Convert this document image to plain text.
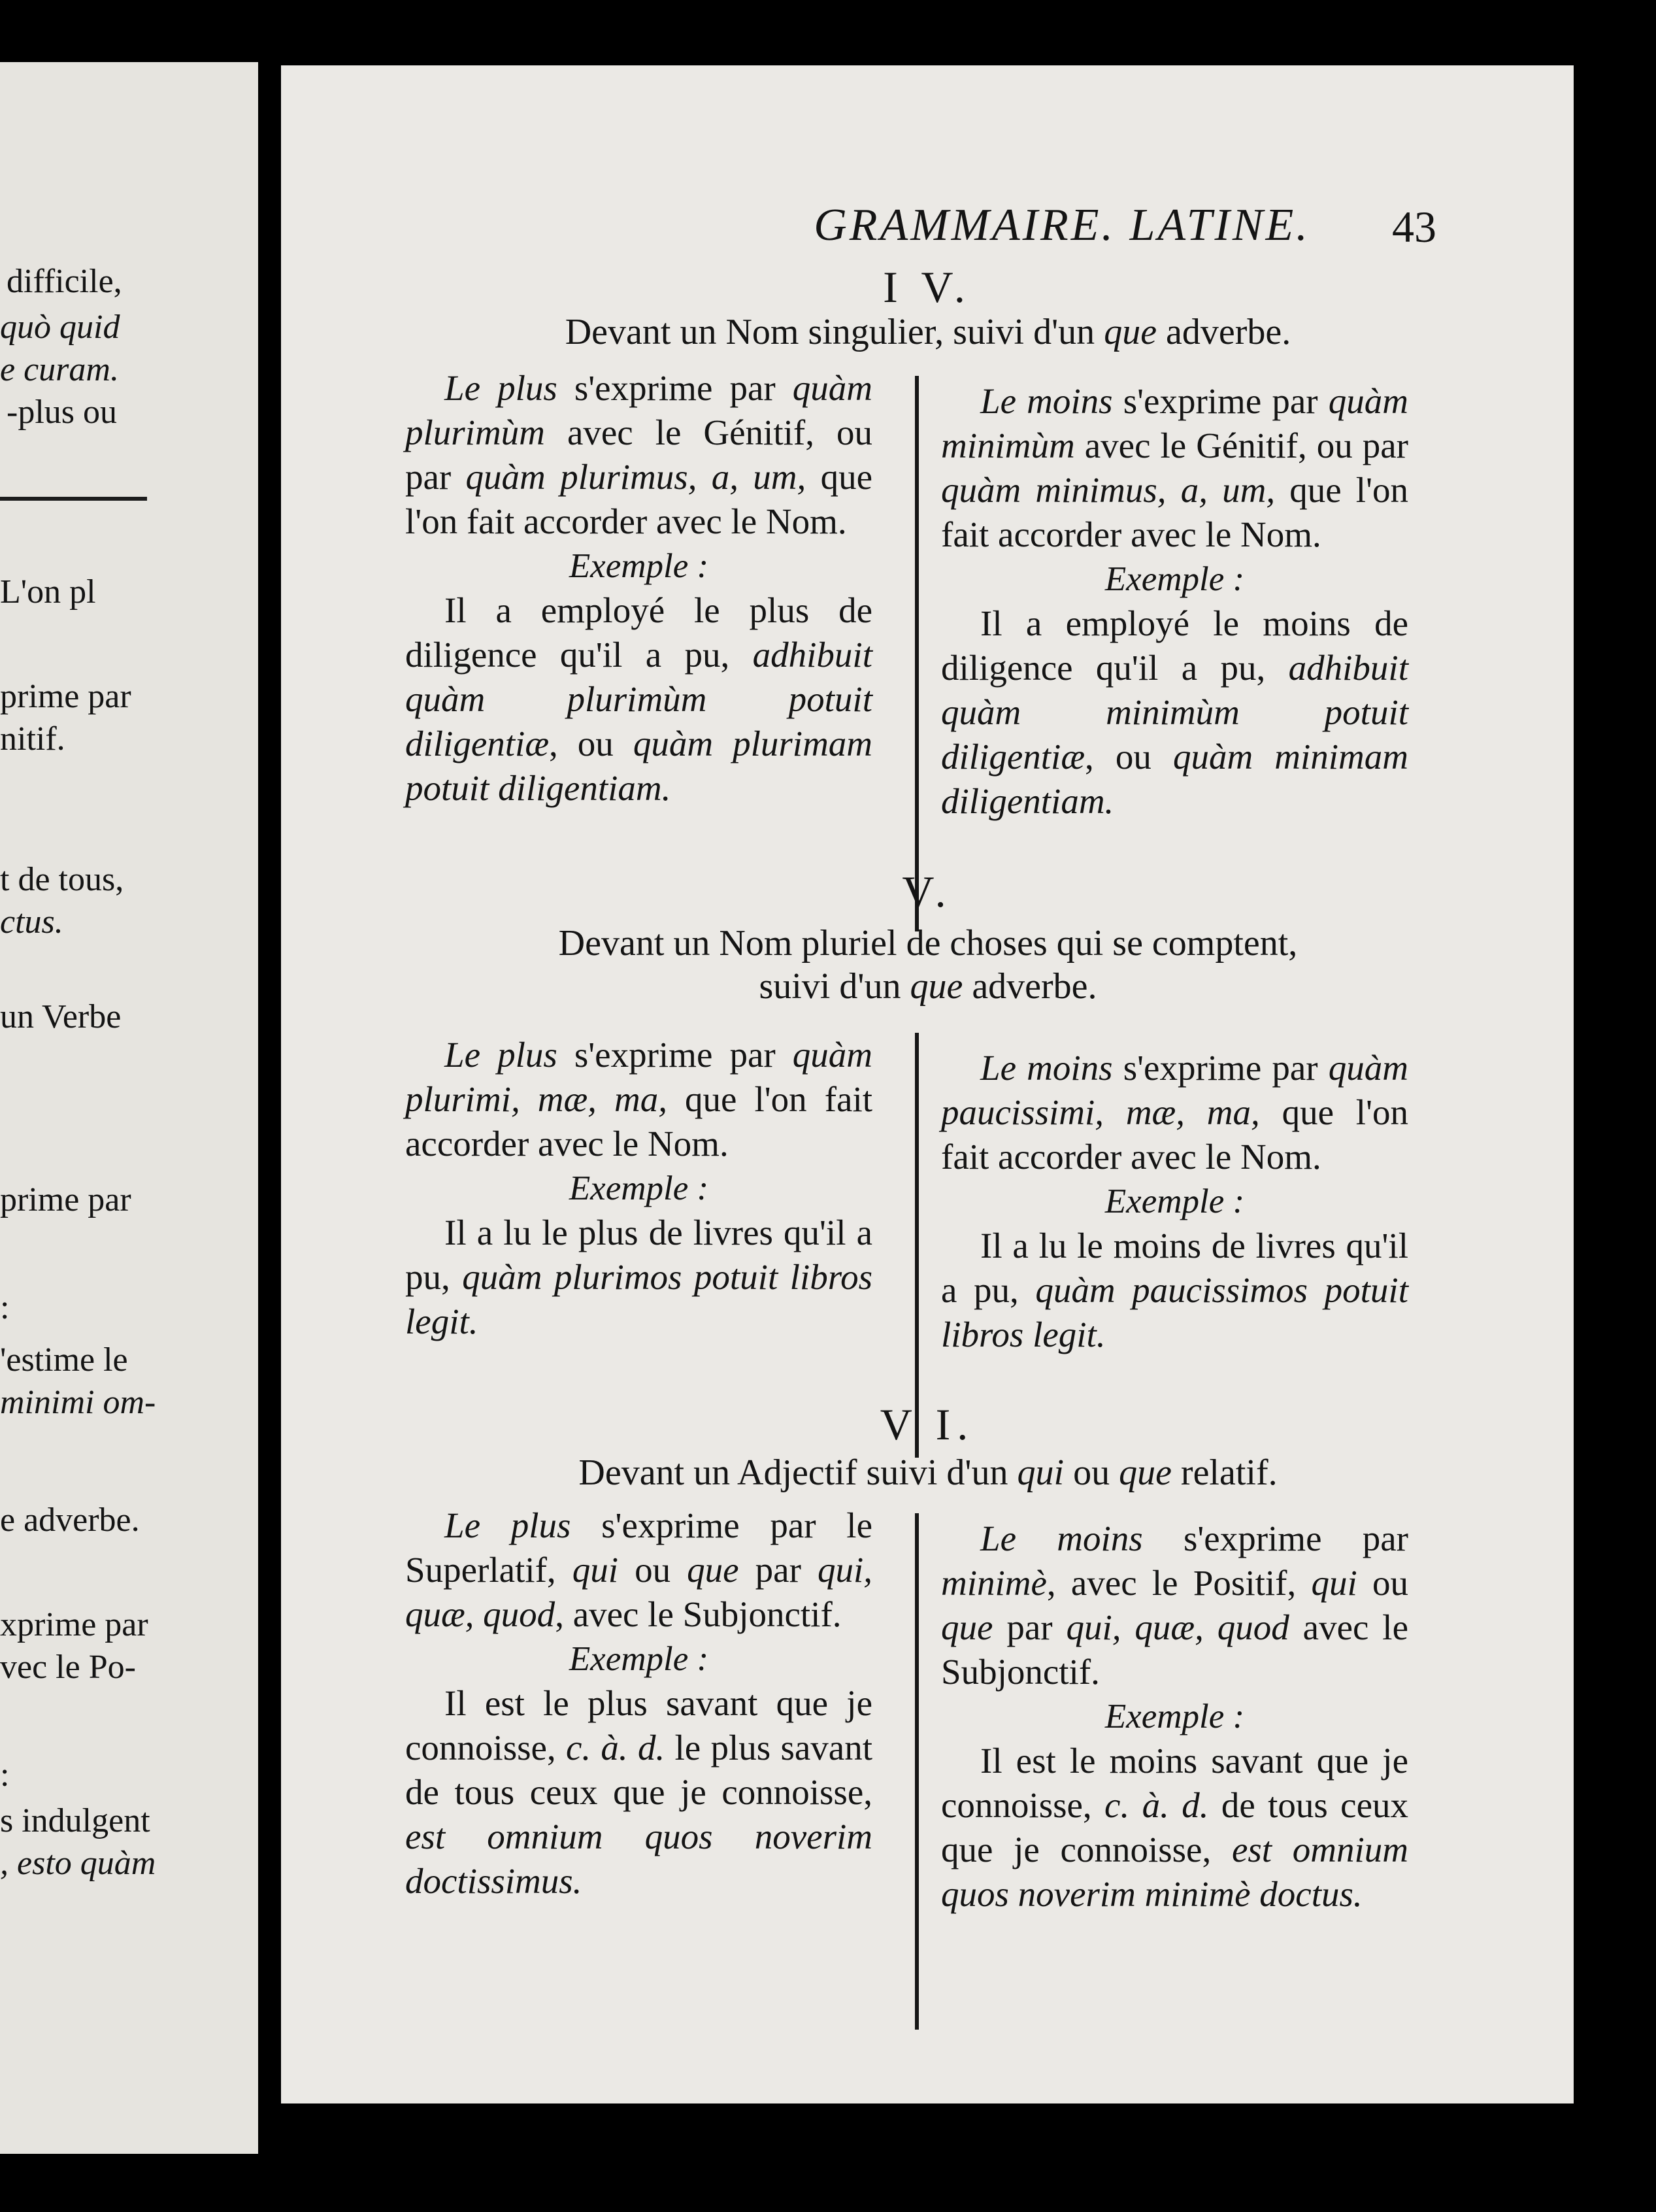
difficile,
quò quid
e curam.
-plus ou
L'on pl
prime par
nitif.
t de tous,
ctus.
un Verbe
prime par
:
'estime le
minimi om-
e adverbe.
xprime par
vec le Po-
:
s indulgent
, esto quàm
GRAMMAIRE. LATINE.	43
I V.
Devant un Nom singulier, suivi d'un que adverbe.

Le plus s'exprime par quàm plurimùm avec le Génitif, ou par quàm plurimus, a, um, que l'on fait accorder avec le Nom.

Exemple :

Il a employé le plus de diligence qu'il a pu, adhibuit quàm plurimùm potuit diligentiæ, ou quàm plurimam potuit diligentiam.

Le moins s'exprime par quàm minimùm avec le Génitif, ou par quàm minimus, a, um, que l'on fait accorder avec le Nom.

Exemple :

Il a employé le moins de diligence qu'il a pu, adhibuit quàm minimùm potuit diligentiæ, ou quàm minimam diligentiam.

V.
Devant un Nom pluriel de choses qui se comptent,
suivi d'un que adverbe.

Le plus s'exprime par quàm plurimi, mæ, ma, que l'on fait accorder avec le Nom.

Exemple :

Il a lu le plus de livres qu'il a pu, quàm plurimos potuit libros legit.

Le moins s'exprime par quàm paucissimi, mæ, ma, que l'on fait accorder avec le Nom.

Exemple :

Il a lu le moins de livres qu'il a pu, quàm paucissimos potuit libros legit.

V I.
Devant un Adjectif suivi d'un qui ou que relatif.

Le plus s'exprime par le Superlatif, qui ou que par qui, quæ, quod, avec le Subjonctif.

Exemple :

Il est le plus savant que je connoisse, c. à. d. le plus savant de tous ceux que je connoisse, est omnium quos noverim doctissimus.

Le moins s'exprime par minimè, avec le Positif, qui ou que par qui, quæ, quod avec le Subjonctif.

Exemple :

Il est le moins savant que je connoisse, c. à. d. de tous ceux que je connoisse, est omnium quos noverim minimè doctus.
